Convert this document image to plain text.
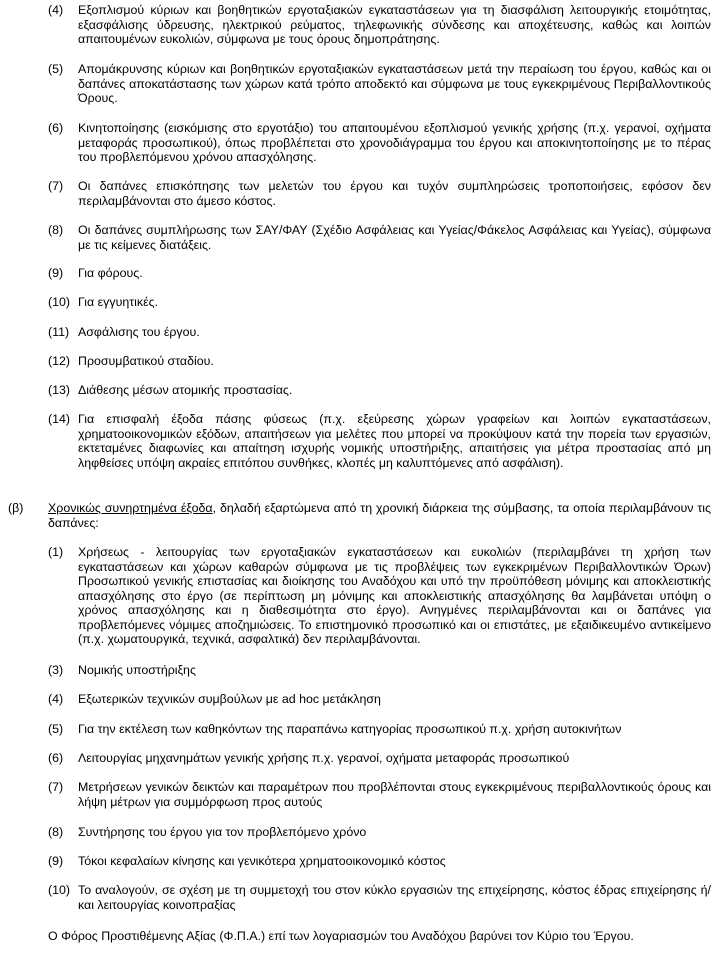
(4) Εξοπλισμού κύριων και βοηθητικών εργοταξιακών εγκαταστάσεων για τη διασφάλιση λειτουργικής ετοιμότητας, εξασφάλισης ύδρευσης, ηλεκτρικού ρεύματος, τηλεφωνικής σύνδεσης και αποχέτευσης, καθώς και λοιπών απαιτουμένων ευκολιών, σύμφωνα με τους όρους δημοπράτησης.
(5) Απομάκρυνσης κύριων και βοηθητικών εργοταξιακών εγκαταστάσεων μετά την περαίωση του έργου, καθώς και οι δαπάνες αποκατάστασης των χώρων κατά τρόπο αποδεκτό και σύμφωνα με τους εγκεκριμένους Περιβαλλοντικούς Όρους.
(6) Κινητοποίησης (εισκόμισης στο εργοτάξιο) του απαιτουμένου εξοπλισμού γενικής χρήσης (π.χ. γερανοί, οχήματα μεταφοράς προσωπικού), όπως προβλέπεται στο χρονοδιάγραμμα του έργου και αποκινητοποίησης με το πέρας του προβλεπόμενου χρόνου απασχόλησης.
(7) Οι δαπάνες επισκόπησης των μελετών του έργου και τυχόν συμπληρώσεις τροποποιήσεις, εφόσον δεν περιλαμβάνονται στο άμεσο κόστος.
(8) Οι δαπάνες συμπλήρωσης των ΣΑΥ/ΦΑΥ (Σχέδιο Ασφάλειας και Υγείας/Φάκελος Ασφάλειας και Υγείας), σύμφωνα με τις κείμενες διατάξεις.
(9) Για φόρους.
(10) Για εγγυητικές.
(11) Ασφάλισης του έργου.
(12) Προσυμβατικού σταδίου.
(13) Διάθεσης μέσων ατομικής προστασίας.
(14) Για επισφαλή έξοδα πάσης φύσεως (π.χ. εξεύρεσης χώρων γραφείων και λοιπών εγκαταστάσεων, χρηματοοικονομικών εξόδων, απαιτήσεων για μελέτες που μπορεί να προκύψουν κατά την πορεία των εργασιών, εκτεταμένες διαφωνίες και απαίτηση ισχυρής νομικής υποστήριξης, απαιτήσεις για μέτρα προστασίας από μη ληφθείσες υπόψη ακραίες επιτόπου συνθήκες, κλοπές μη καλυπτόμενες από ασφάλιση).
(β) Χρονικώς συνηρτημένα έξοδα, δηλαδή εξαρτώμενα από τη χρονική διάρκεια της σύμβασης, τα οποία περιλαμβάνουν τις δαπάνες:
(1) Χρήσεως - λειτουργίας των εργοταξιακών εγκαταστάσεων και ευκολιών (περιλαμβάνει τη χρήση των εγκαταστάσεων και χώρων καθαρών σύμφωνα με τις προβλέψεις των εγκεκριμένων Περιβαλλοντικών Όρων) Προσωπικού γενικής επιστασίας και διοίκησης του Αναδόχου και υπό την προϋπόθεση μόνιμης και αποκλειστικής απασχόλησης στο έργο (σε περίπτωση μη μόνιμης και αποκλειστικής απασχόλησης θα λαμβάνεται υπόψη ο χρόνος απασχόλησης και η διαθεσιμότητα στο έργο). Ανηγμένες περιλαμβάνονται και οι δαπάνες για προβλεπόμενες νόμιμες αποζημιώσεις. Το επιστημονικό προσωπικό και οι επιστάτες, με εξαιδικευμένο αντικείμενο (π.χ. χωματουργικά, τεχνικά, ασφαλτικά) δεν περιλαμβάνονται.
(3) Νομικής υποστήριξης
(4) Εξωτερικών τεχνικών συμβούλων με ad hoc μετάκληση
(5) Για την εκτέλεση των καθηκόντων της παραπάνω κατηγορίας προσωπικού π.χ. χρήση αυτοκινήτων
(6) Λειτουργίας μηχανημάτων γενικής χρήσης π.χ. γερανοί, οχήματα μεταφοράς προσωπικού
(7) Μετρήσεων γενικών δεικτών και παραμέτρων που προβλέπονται στους εγκεκριμένους περιβαλλοντικούς όρους και λήψη μέτρων για συμμόρφωση προς αυτούς
(8) Συντήρησης του έργου για τον προβλεπόμενο χρόνο
(9) Τόκοι κεφαλαίων κίνησης και γενικότερα χρηματοοικονομικό κόστος
(10) Το αναλογούν, σε σχέση με τη συμμετοχή του στον κύκλο εργασιών της επιχείρησης, κόστος έδρας επιχείρησης ή/και λειτουργίας κοινοπραξίας
Ο Φόρος Προστιθέμενης Αξίας (Φ.Π.Α.) επί των λογαριασμών του Αναδόχου βαρύνει τον Κύριο του Έργου.
